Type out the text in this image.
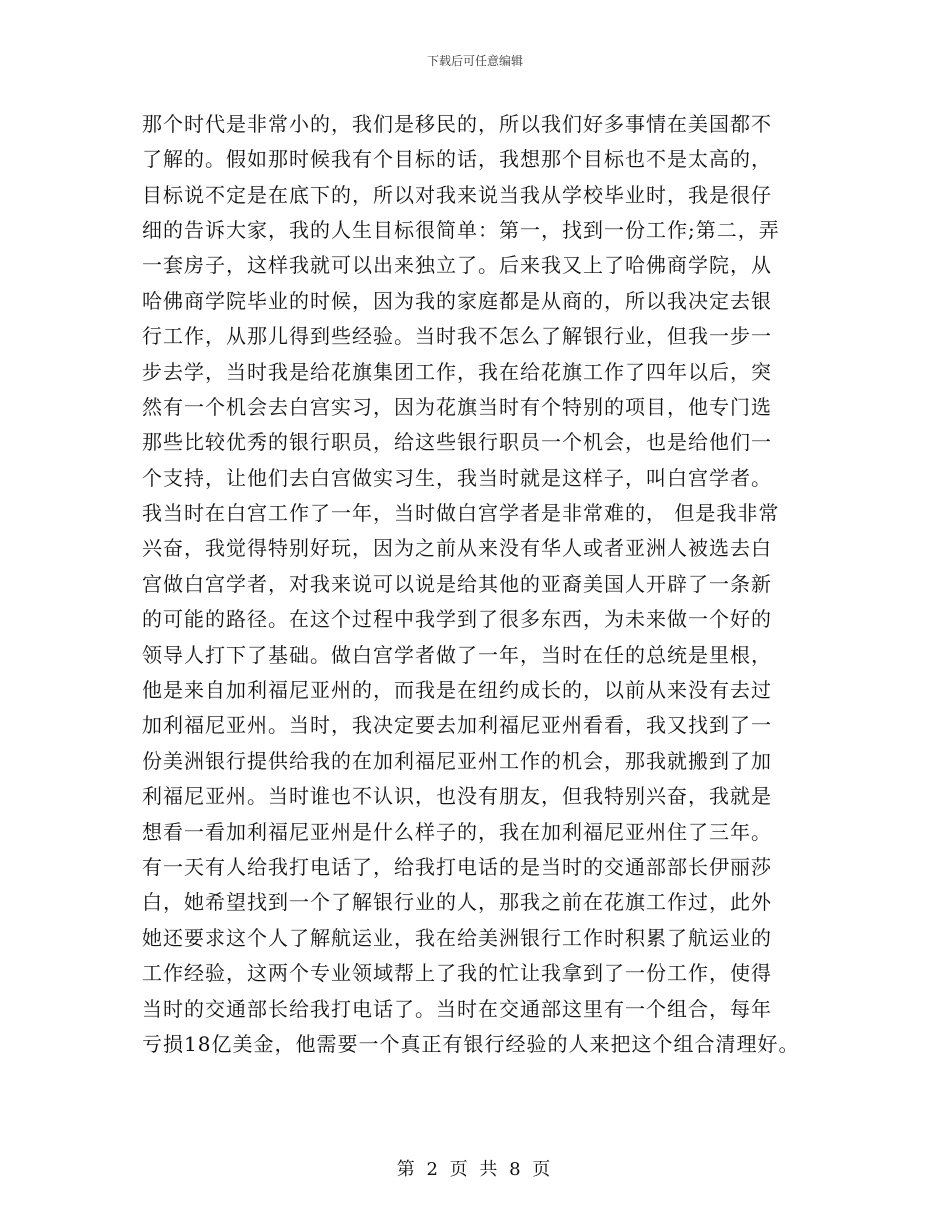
下载后可任意编辑
那个时代是非常小的，我们是移民的，所以我们好多事情在美国都不
了解的。假如那时候我有个目标的话，我想那个目标也不是太高的，
目标说不定是在底下的，所以对我来说当我从学校毕业时，我是很仔
细的告诉大家，我的人生目标很简单：第一，找到一份工作;第二，弄
一套房子，这样我就可以出来独立了。后来我又上了哈佛商学院，从
哈佛商学院毕业的时候，因为我的家庭都是从商的，所以我决定去银
行工作，从那儿得到些经验。当时我不怎么了解银行业，但我一步一
步去学，当时我是给花旗集团工作，我在给花旗工作了四年以后，突
然有一个机会去白宫实习，因为花旗当时有个特别的项目，他专门选
那些比较优秀的银行职员，给这些银行职员一个机会，也是给他们一
个支持，让他们去白宫做实习生，我当时就是这样子，叫白宫学者。
我当时在白宫工作了一年，当时做白宫学者是非常难的， 但是我非常
兴奋，我觉得特别好玩，因为之前从来没有华人或者亚洲人被选去白
宫做白宫学者，对我来说可以说是给其他的亚裔美国人开辟了一条新
的可能的路径。在这个过程中我学到了很多东西，为未来做一个好的
领导人打下了基础。做白宫学者做了一年，当时在任的总统是里根，
他是来自加利福尼亚州的，而我是在纽约成长的，以前从来没有去过
加利福尼亚州。当时，我决定要去加利福尼亚州看看，我又找到了一
份美洲银行提供给我的在加利福尼亚州工作的机会，那我就搬到了加
利福尼亚州。当时谁也不认识，也没有朋友，但我特别兴奋，我就是
想看一看加利福尼亚州是什么样子的，我在加利福尼亚州住了三年。
有一天有人给我打电话了，给我打电话的是当时的交通部部长伊丽莎
白，她希望找到一个了解银行业的人，那我之前在花旗工作过，此外
她还要求这个人了解航运业，我在给美洲银行工作时积累了航运业的
工作经验，这两个专业领域帮上了我的忙让我拿到了一份工作，使得
当时的交通部长给我打电话了。当时在交通部这里有一个组合，每年
亏损18亿美金，他需要一个真正有银行经验的人来把这个组合清理好。
第 2 页 共 8 页
